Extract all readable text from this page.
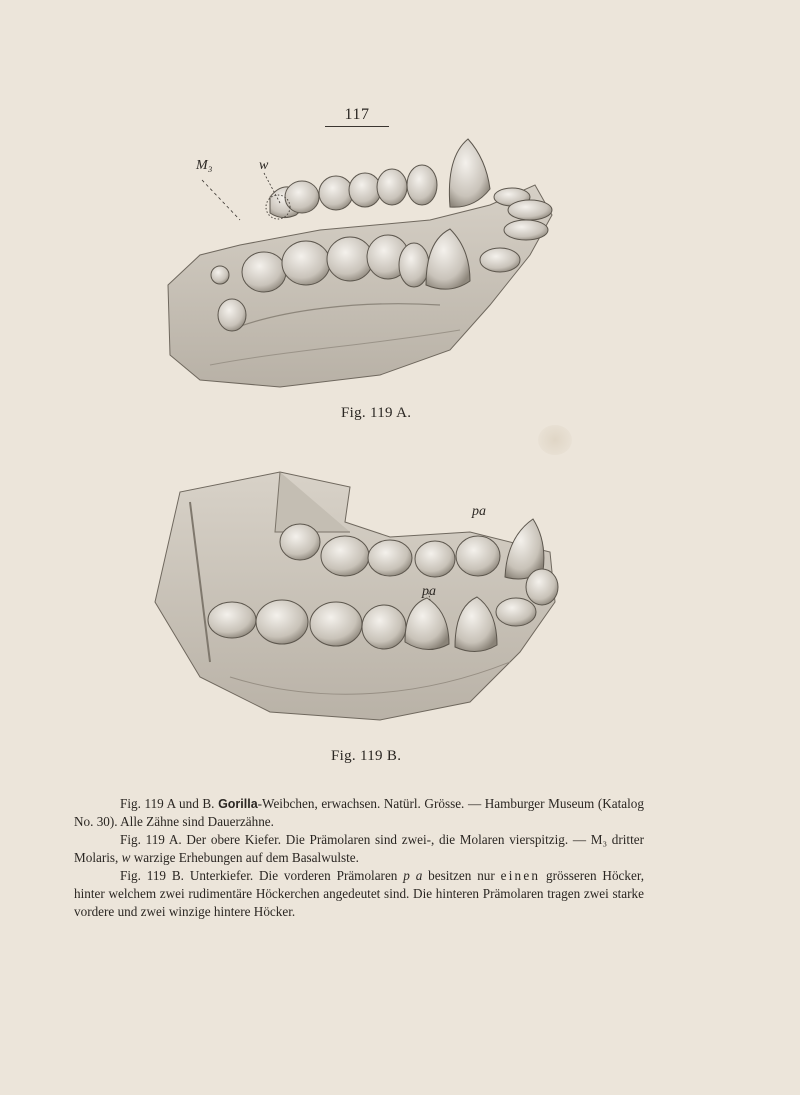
117
M₃	w
Fig. 119 A.
pa
pa
Fig. 119 B.

Fig. 119 A und B. Gorilla-Weibchen, erwachsen. Natürl. Grösse. — Hamburger Museum (Katalog No. 30). Alle Zähne sind Dauerzähne.

Fig. 119 A. Der obere Kiefer. Die Prämolaren sind zwei-, die Molaren vierspitzig. — M₃ dritter Molaris, w warzige Erhebungen auf dem Basalwulste.

Fig. 119 B. Unterkiefer. Die vorderen Prämolaren p a besitzen nur einen grösseren Höcker, hinter welchem zwei rudimentäre Höckerchen angedeutet sind. Die hinteren Prämolaren tragen zwei starke vordere und zwei winzige hintere Höcker.
